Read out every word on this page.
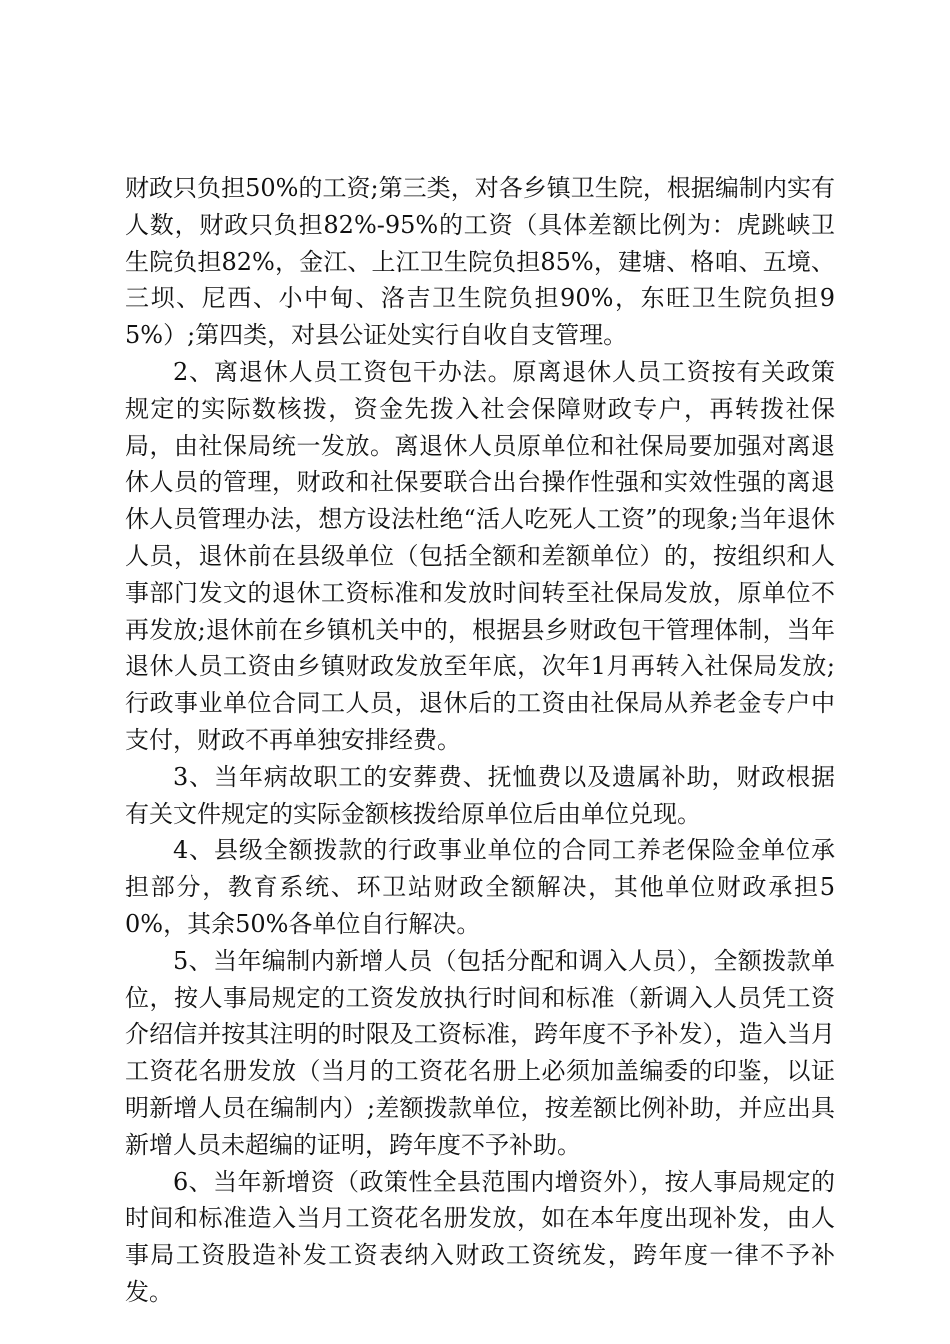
财政只负担50%的工资;第三类，对各乡镇卫生院，根据编制内实有人数，财政只负担82%-95%的工资（具体差额比例为：虎跳峡卫生院负担82%，金江、上江卫生院负担85%，建塘、格咱、五境、三坝、尼西、小中甸、洛吉卫生院负担90%，东旺卫生院负担95%）;第四类，对县公证处实行自收自支管理。

2、离退休人员工资包干办法。原离退休人员工资按有关政策规定的实际数核拨，资金先拨入社会保障财政专户，再转拨社保局，由社保局统一发放。离退休人员原单位和社保局要加强对离退休人员的管理，财政和社保要联合出台操作性强和实效性强的离退休人员管理办法，想方设法杜绝“活人吃死人工资”的现象;当年退休人员，退休前在县级单位（包括全额和差额单位）的，按组织和人事部门发文的退休工资标准和发放时间转至社保局发放，原单位不再发放;退休前在乡镇机关中的，根据县乡财政包干管理体制，当年退休人员工资由乡镇财政发放至年底，次年1月再转入社保局发放;行政事业单位合同工人员，退休后的工资由社保局从养老金专户中支付，财政不再单独安排经费。

3、当年病故职工的安葬费、抚恤费以及遗属补助，财政根据有关文件规定的实际金额核拨给原单位后由单位兑现。

4、县级全额拨款的行政事业单位的合同工养老保险金单位承担部分，教育系统、环卫站财政全额解决，其他单位财政承担50%，其余50%各单位自行解决。

5、当年编制内新增人员（包括分配和调入人员），全额拨款单位，按人事局规定的工资发放执行时间和标准（新调入人员凭工资介绍信并按其注明的时限及工资标准，跨年度不予补发），造入当月工资花名册发放（当月的工资花名册上必须加盖编委的印鉴，以证明新增人员在编制内）;差额拨款单位，按差额比例补助，并应出具新增人员未超编的证明，跨年度不予补助。

6、当年新增资（政策性全县范围内增资外），按人事局规定的时间和标准造入当月工资花名册发放，如在本年度出现补发，由人事局工资股造补发工资表纳入财政工资统发，跨年度一律不予补发。
